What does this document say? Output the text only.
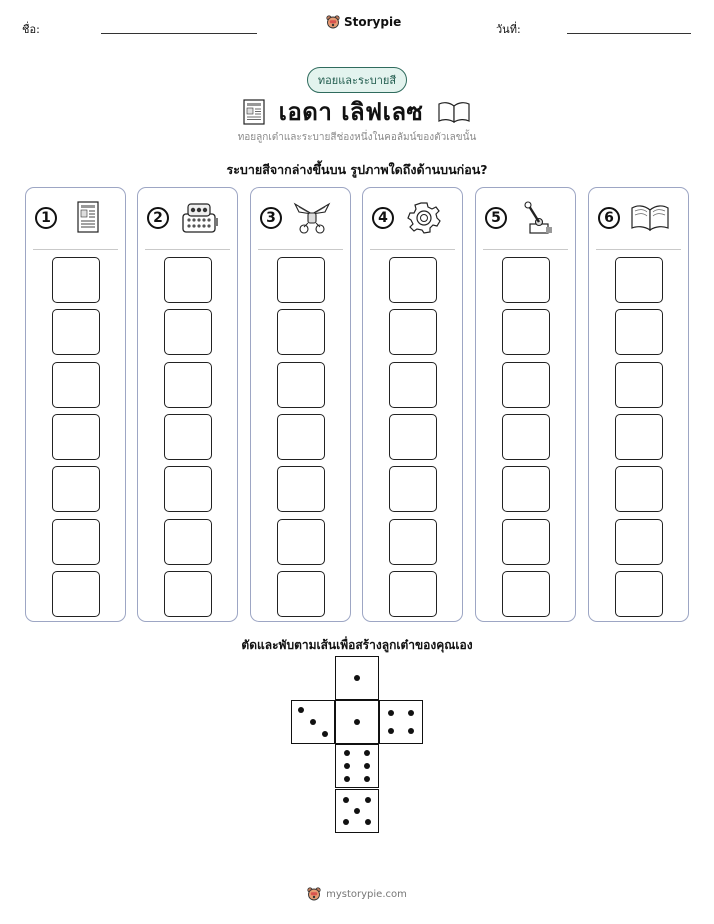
ชื่อ:
Storypie
วันที่:
ทอยและระบายสี
เอดา เลิฟเลซ
ทอยลูกเต๋าและระบายสีช่องหนึ่งในคอลัมน์ของตัวเลขนั้น
ระบายสีจากล่างขึ้นบน รูปภาพใดถึงด้านบนก่อน?
1	2	3	4	5	6
ตัดและพับตามเส้นเพื่อสร้างลูกเต๋าของคุณเอง
mystorypie.com
